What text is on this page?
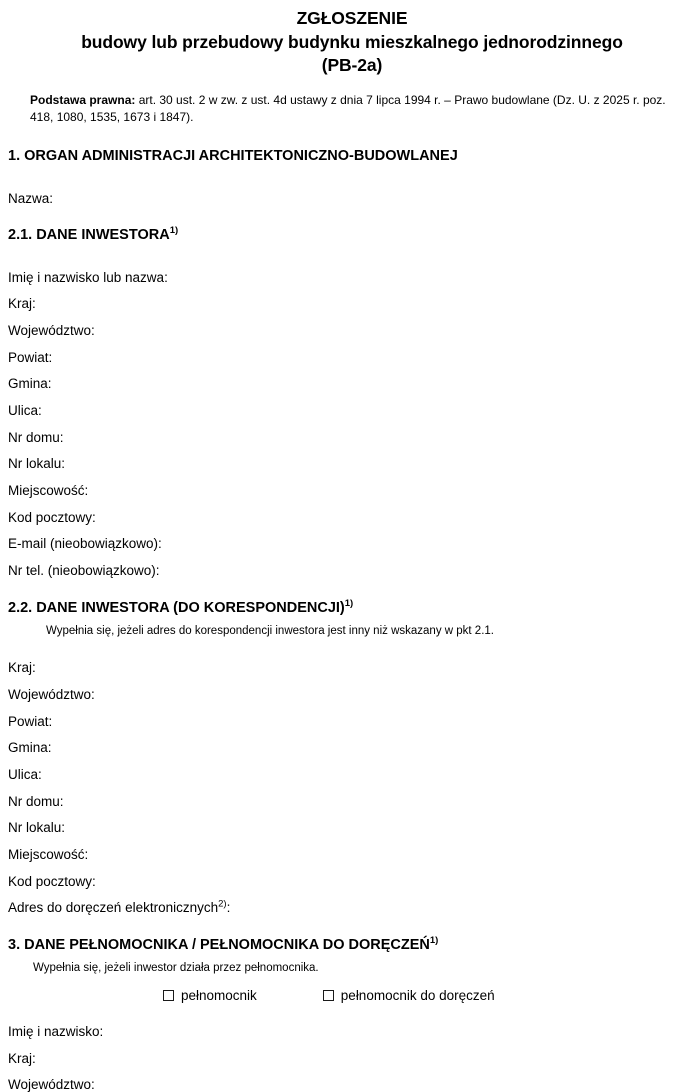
ZGŁOSZENIE
budowy lub przebudowy budynku mieszkalnego jednorodzinnego
(PB-2a)

Podstawa prawna: art. 30 ust. 2 w zw. z ust. 4d ustawy z dnia 7 lipca 1994 r. – Prawo budowlane (Dz. U. z 2025 r. poz. 418, 1080, 1535, 1673 i 1847).

1. ORGAN ADMINISTRACJI ARCHITEKTONICZNO-BUDOWLANEJ
Nazwa:
2.1. DANE INWESTORA$^{1)}$
Imię i nazwisko lub nazwa:
Kraj:
Województwo:
Powiat:
Gmina:
Ulica:
Nr domu:
Nr lokalu:
Miejscowość:
Kod pocztowy:
E-mail (nieobowiązkowo):
Nr tel. (nieobowiązkowo):
2.2. DANE INWESTORA (DO KORESPONDENCJI)$^{1)}$

Wypełnia się, jeżeli adres do korespondencji inwestora jest inny niż wskazany w pkt 2.1.

Kraj:
Województwo:
Powiat:
Gmina:
Ulica:
Nr domu:
Nr lokalu:
Miejscowość:
Kod pocztowy:
Adres do doręczeń elektronicznych$^{2)}$:
3. DANE PEŁNOMOCNIKA / PEŁNOMOCNIKA DO DORĘCZEŃ$^{1)}$

Wypełnia się, jeżeli inwestor działa przez pełnomocnika.

pełnomocnik	pełnomocnik do doręczeń
Imię i nazwisko:
Kraj:
Województwo:
